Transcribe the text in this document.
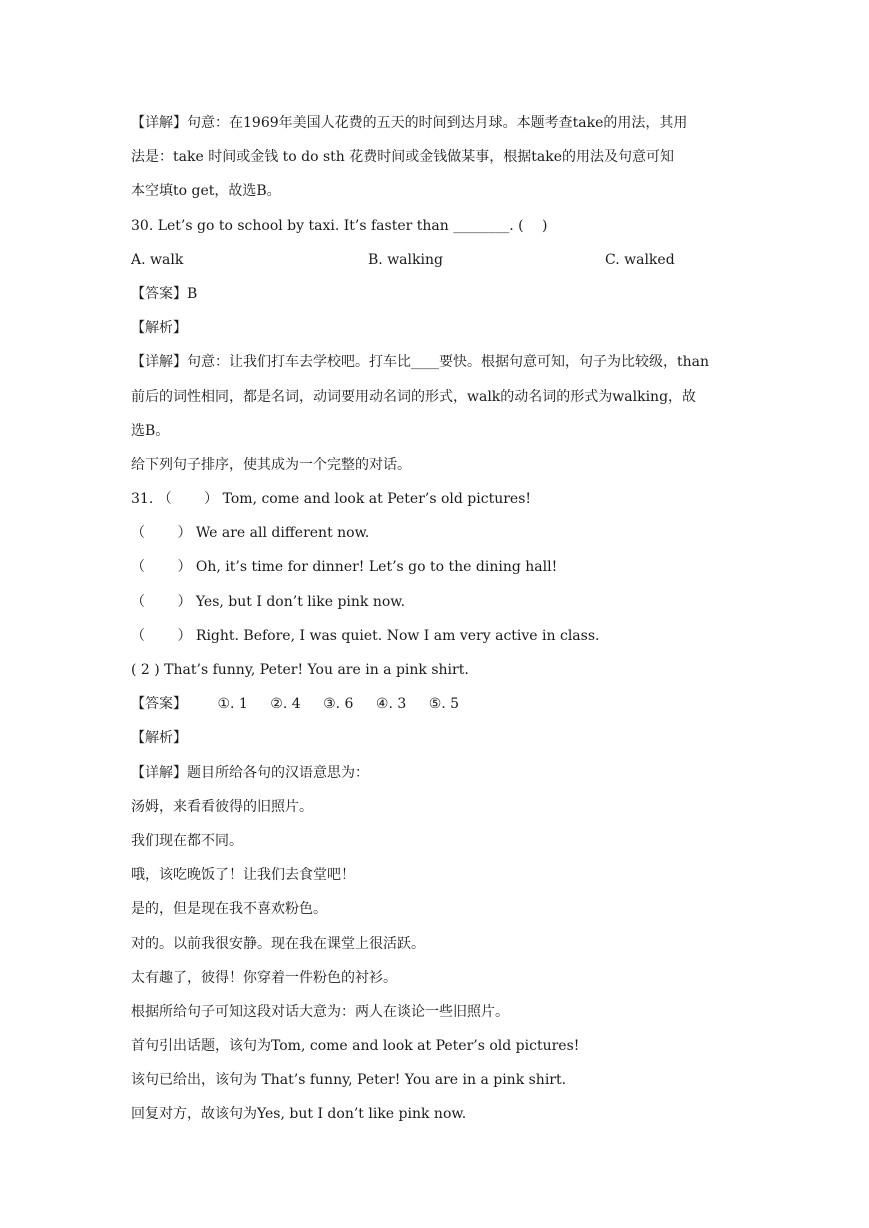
【详解】句意：在1969年美国人花费的五天的时间到达月球。本题考查take的用法，其用
法是：take 时间或金钱 to do sth 花费时间或金钱做某事，根据take的用法及句意可知
本空填to get，故选B。
30. Let’s go to school by taxi. It’s faster than ________. (　 )
A. walk	B. walking	C. walked
【答案】B
【解析】
【详解】句意：让我们打车去学校吧。打车比____要快。根据句意可知，句子为比较级，than
前后的词性相同，都是名词，动词要用动名词的形式，walk的动名词的形式为walking，故
选B。
给下列句子排序，使其成为一个完整的对话。
31. （　　 ） Tom, come and look at Peter’s old pictures!
（　　 ） We are all different now.
（　　 ） Oh, it’s time for dinner! Let’s go to the dining hall!
（　　 ） Yes, but I don’t like pink now.
（　　 ） Right. Before, I was quiet. Now I am very active in class.
( 2 ) That’s funny, Peter! You are in a pink shirt.
【答案】 ①. 1 ②. 4 ③. 6 ④. 3 ⑤. 5
【解析】
【详解】题目所给各句的汉语意思为：
汤姆，来看看彼得的旧照片。
我们现在都不同。
哦，该吃晚饭了！让我们去食堂吧！
是的，但是现在我不喜欢粉色。
对的。以前我很安静。现在我在课堂上很活跃。
太有趣了，彼得！你穿着一件粉色的衬衫。
根据所给句子可知这段对话大意为：两人在谈论一些旧照片。
首句引出话题，该句为Tom, come and look at Peter’s old pictures!
该句已给出，该句为 That’s funny, Peter! You are in a pink shirt.
回复对方，故该句为Yes, but I don’t like pink now.
